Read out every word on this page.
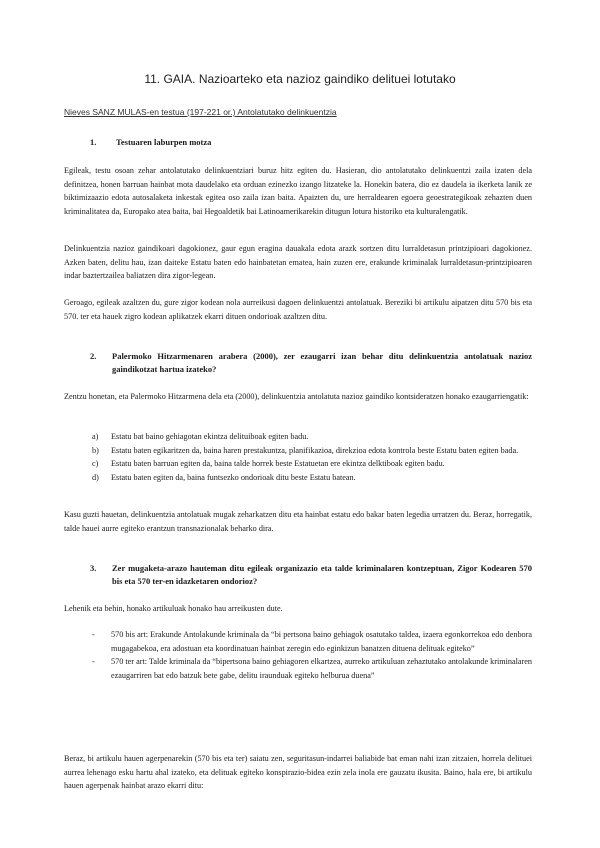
11. GAIA. Nazioarteko eta nazioz gaindiko delituei lotutako
Nieves SANZ MULAS-en testua (197-221 or.) Antolatutako delinkuentzia
1. Testuaren laburpen motza

Egileak, testu osoan zehar antolatutako delinkuentziari buruz hitz egiten du. Hasieran, dio antolatutako delinkuentzi zaila izaten dela definitzea, honen barruan hainbat mota daudelako eta orduan ezinezko izango litzateke la. Honekin batera, dio ez daudela ia ikerketa lanik ze biktimizaazio edota autosalaketa inkestak egitea oso zaila izan baita. Apaizten du, ure herraldearen egoera geoestrategikoak zehazten duen kriminalitatea da, Europako atea baita, bai Hegoaldetik bai Latinoamerikarekin ditugun lotura historiko eta kulturalengatik.

Delinkuentzia nazioz gaindikoari dagokionez, gaur egun eragina dauakala edota arazk sortzen ditu lurraldetasun printzipioari dagokionez. Azken baten, delitu hau, izan daiteke Estatu baten edo hainbatetan ematea, hain zuzen ere, erakunde kriminalak lurraldetasun-printzipioaren indar baztertzailea baliatzen dira zigor-legean.

Geroago, egileak azaltzen du, gure zigor kodean nola aurreikusi dagoen delinkuentzi antolatuak. Bereziki bi artikulu aipatzen ditu 570 bis eta 570. ter eta hauek zigro kodean aplikatzek ekarri dituen ondorioak azaltzen ditu.

2. Palermoko Hitzarmenaren arabera (2000), zer ezaugarri izan behar ditu delinkuentzia antolatuak nazioz gaindikotzat hartua izateko?

Zentzu honetan, eta Palermoko Hitzarmena dela eta (2000), delinkuentzia antolatuta nazioz gaindiko kontsideratzen honako ezaugarriengatik:

a) Estatu bat baino gehiagotan ekintza delituiboak egiten badu.
b) Estatu baten egikaritzen da, baina haren prestakuntza, planifikazioa, direkzioa edota kontrola beste Estatu baten egiten bada.
c) Estatu baten barruan egiten da, baina talde horrek beste Estatuetan ere ekintza delktiboak egiten badu.
d) Estatu baten egiten da, baina funtsezko ondorioak ditu beste Estatu batean.

Kasu guzti hauetan, delinkuentzia antolatuak mugak zeharkatzen ditu eta hainbat estatu edo bakar baten legedia urratzen du. Beraz, horregatik, talde hauei aurre egiteko erantzun transnazionalak beharko dira.

3. Zer mugaketa-arazo hauteman ditu egileak organizazio eta talde kriminalaren kontzeptuan, Zigor Kodearen 570 bis eta 570 ter-en idazketaren ondorioz?

Lehenik eta behin, honako artikuluak honako hau arreikusten dute.

- 570 bis art: Erakunde Antolakunde kriminala da “bi pertsona baino gehiagok osatutako taldea, izaera egonkorrekoa edo denbora mugagabekoa, era adostuan eta koordinatuan hainbat zeregin edo eginkizun banatzen dituena delituak egiteko”
- 570 ter art: Talde kriminala da “bipertsona baino gehiagoren elkartzea, aurreko artikuluan zehaztutako antolakunde kriminalaren ezaugarriren bat edo batzuk bete gabe, delitu iraunduak egiteko helburua duena”

Beraz, bi artikulu hauen agerpenarekin (570 bis eta ter) saiatu zen, seguritasun-indarrei baliabide bat eman nahi izan zitzaien, horrela delituei aurrea lehenago esku hartu ahal izateko, eta delituak egiteko konspirazio-bidea ezin zela inola ere gauzatu ikusita. Baino, hala ere, bi artikulu hauen agerpenak hainbat arazo ekarri ditu:
